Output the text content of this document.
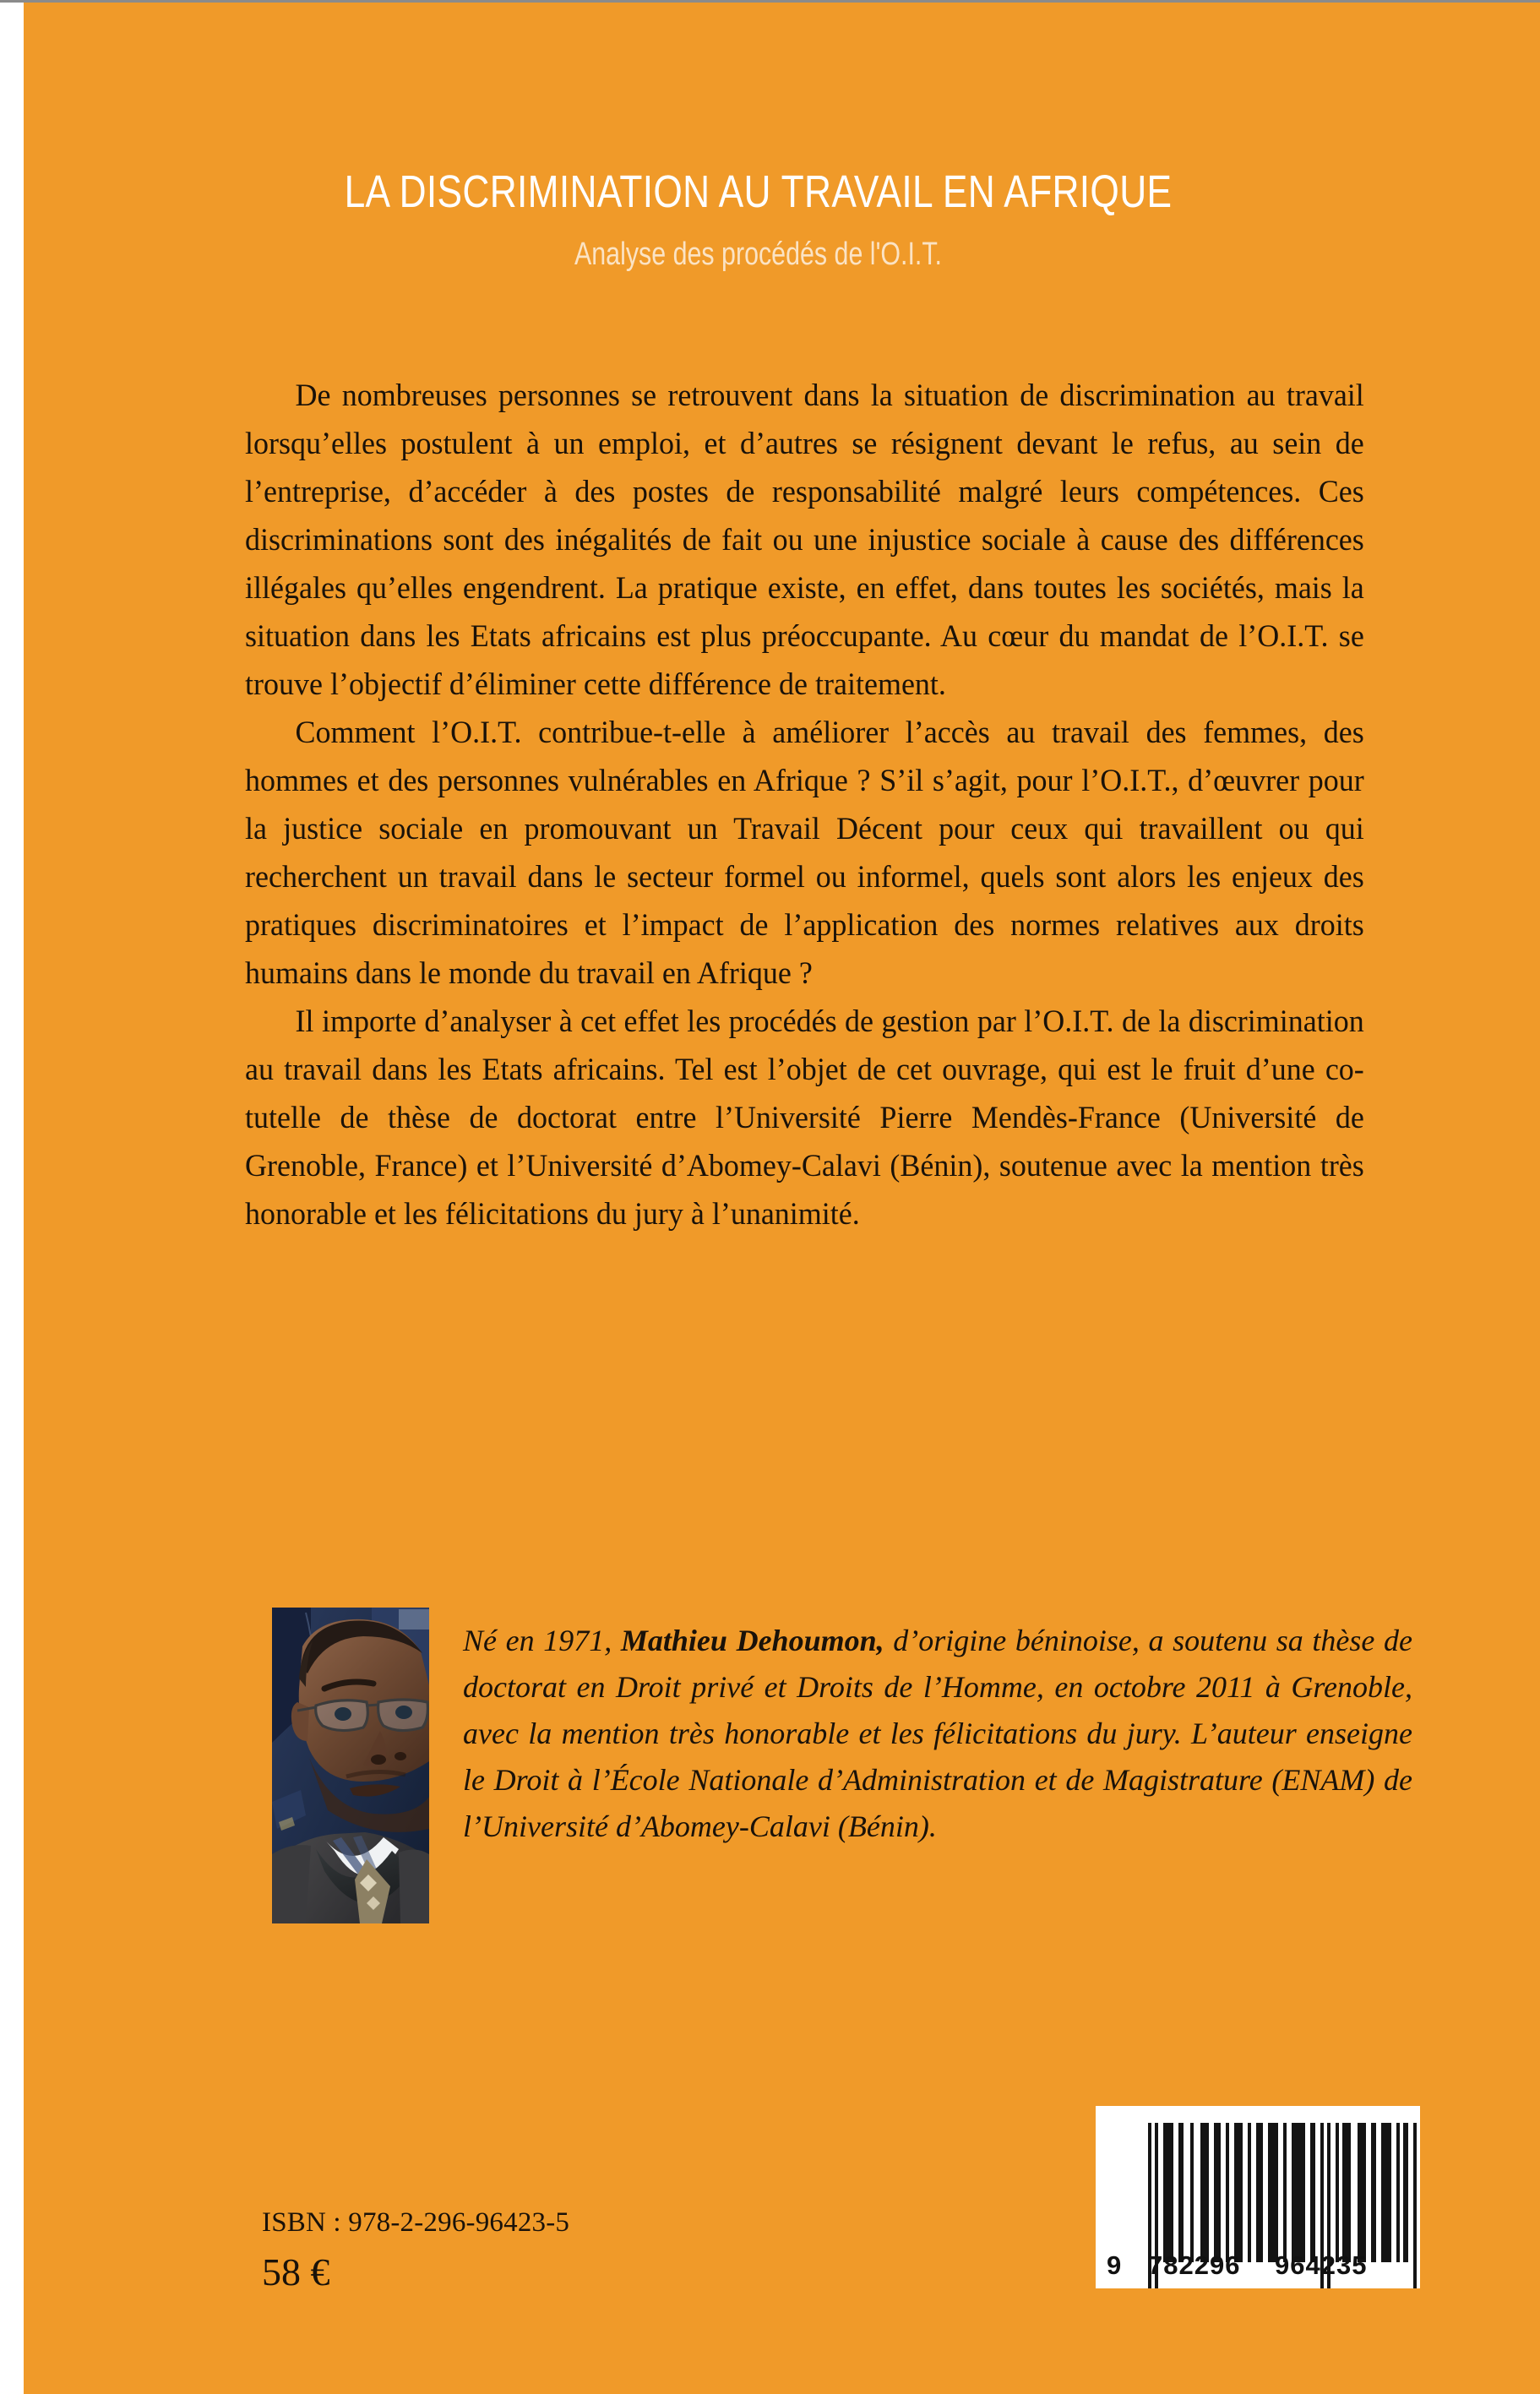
LA DISCRIMINATION AU TRAVAIL EN AFRIQUE
Analyse des procédés de l'O.I.T.

De nombreuses personnes se retrouvent dans la situation de discrimination au travail lorsqu’elles postulent à un emploi, et d’autres se résignent devant le refus, au sein de l’entreprise, d’accéder à des postes de responsabilité malgré leurs compétences. Ces discriminations sont des inégalités de fait ou une injustice sociale à cause des différences illégales qu’elles engendrent. La pratique existe, en effet, dans toutes les sociétés, mais la situation dans les Etats africains est plus préoccupante. Au cœur du mandat de l’O.I.T. se trouve l’objectif d’éliminer cette différence de traitement.

Comment l’O.I.T. contribue-t-elle à améliorer l’accès au travail des femmes, des hommes et des personnes vulnérables en Afrique ? S’il s’agit, pour l’O.I.T., d’œuvrer pour la justice sociale en promouvant un Travail Décent pour ceux qui travaillent ou qui recherchent un travail dans le secteur formel ou informel, quels sont alors les enjeux des pratiques discriminatoires et l’impact de l’application des normes relatives aux droits humains dans le monde du travail en Afrique ?

Il importe d’analyser à cet effet les procédés de gestion par l’O.I.T. de la discrimination au travail dans les Etats africains. Tel est l’objet de cet ouvrage, qui est le fruit d’une co-tutelle de thèse de doctorat entre l’Université Pierre Mendès-France (Université de Grenoble, France) et l’Université d’Abomey-Calavi (Bénin), soutenue avec la mention très honorable et les félicitations du jury à l’unanimité.

Né en 1971, Mathieu Dehoumon, d’origine béninoise, a soutenu sa thèse de doctorat en Droit privé et Droits de l’Homme, en octobre 2011 à Grenoble, avec la mention très honorable et les félicitations du jury. L’auteur enseigne le Droit à l’École Nationale d’Administration et de Magistrature (ENAM) de l’Université d’Abomey-Calavi (Bénin).
ISBN : 978-2-296-96423-5
58 €	9 782296 964235
